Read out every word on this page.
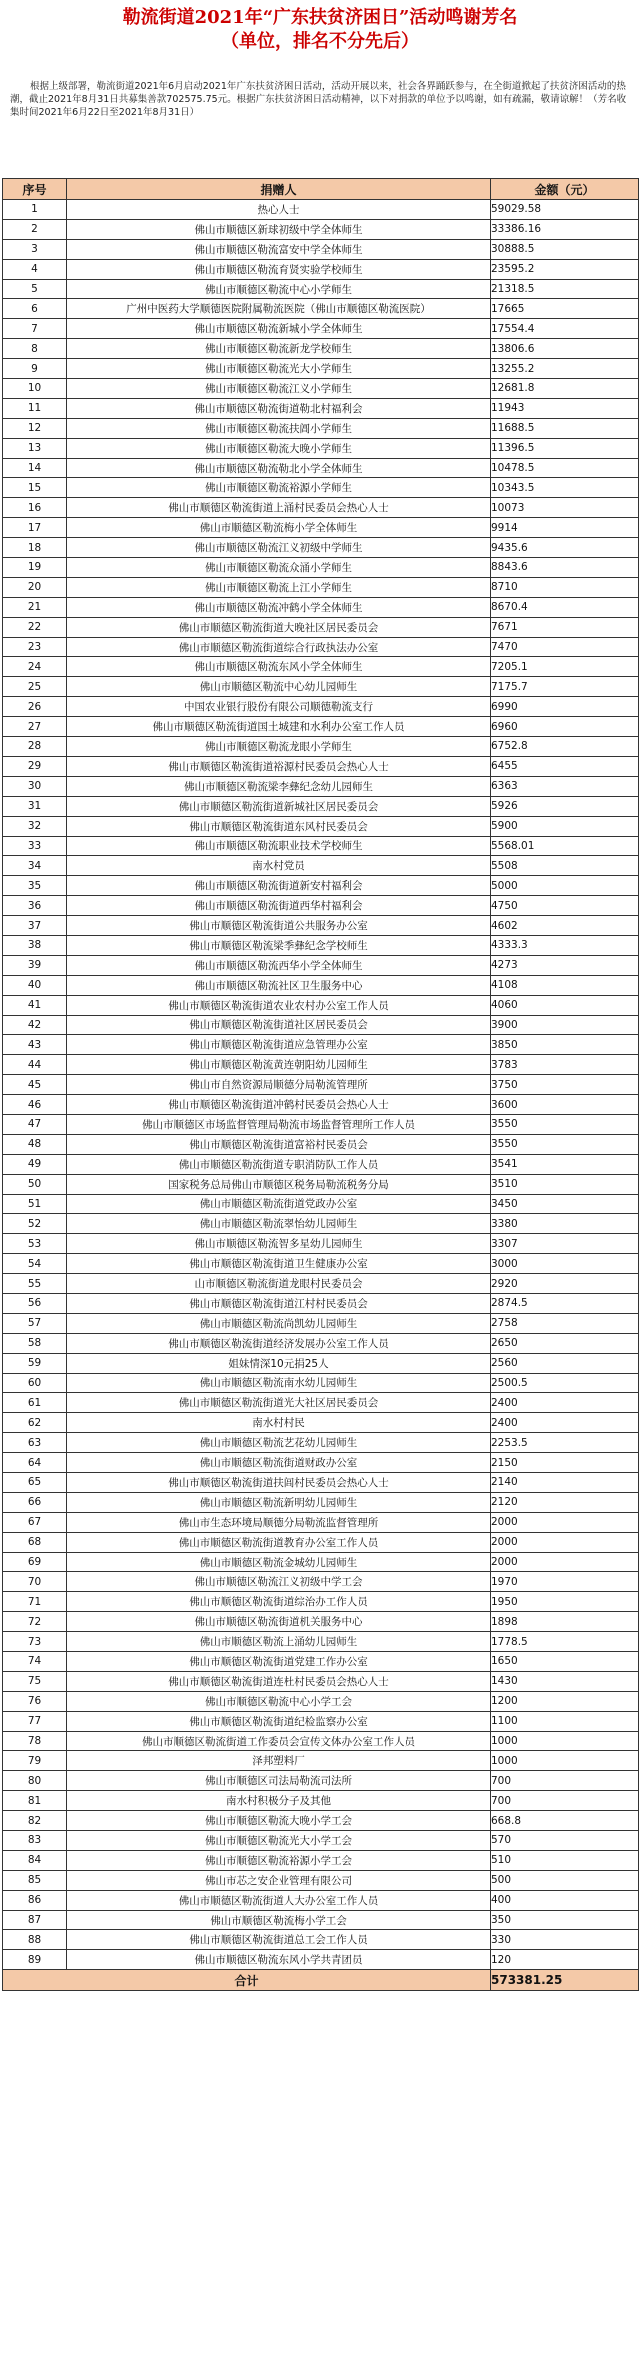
勒流街道2021年“广东扶贫济困日”活动鸣谢芳名
（单位，排名不分先后）
根据上级部署，勒流街道2021年6月启动2021年广东扶贫济困日活动，活动开展以来，社会各界踊跃参与，在全街道掀起了扶贫济困活动的热潮，截止2021年8月31日共募集善款702575.75元。根据广东扶贫济困日活动精神，以下对捐款的单位予以鸣谢，如有疏漏，敬请谅解！（芳名收集时间2021年6月22日至2021年8月31日）
序号	捐赠人	金额（元）
1	热心人士	59029.58
2	佛山市顺德区新球初级中学全体师生	33386.16
3	佛山市顺德区勒流富安中学全体师生	30888.5
4	佛山市顺德区勒流育贤实验学校师生	23595.2
5	佛山市顺德区勒流中心小学师生	21318.5
6	广州中医药大学顺德医院附属勒流医院（佛山市顺德区勒流医院）	17665
7	佛山市顺德区勒流新城小学全体师生	17554.4
8	佛山市顺德区勒流新龙学校师生	13806.6
9	佛山市顺德区勒流光大小学师生	13255.2
10	佛山市顺德区勒流江义小学师生	12681.8
11	佛山市顺德区勒流街道勒北村福利会	11943
12	佛山市顺德区勒流扶阊小学师生	11688.5
13	佛山市顺德区勒流大晚小学师生	11396.5
14	佛山市顺德区勒流勒北小学全体师生	10478.5
15	佛山市顺德区勒流裕源小学师生	10343.5
16	佛山市顺德区勒流街道上涌村民委员会热心人士	10073
17	佛山市顺德区勒流梅小学全体师生	9914
18	佛山市顺德区勒流江义初级中学师生	9435.6
19	佛山市顺德区勒流众涌小学师生	8843.6
20	佛山市顺德区勒流上江小学师生	8710
21	佛山市顺德区勒流冲鹤小学全体师生	8670.4
22	佛山市顺德区勒流街道大晚社区居民委员会	7671
23	佛山市顺德区勒流街道综合行政执法办公室	7470
24	佛山市顺德区勒流东风小学全体师生	7205.1
25	佛山市顺德区勒流中心幼儿园师生	7175.7
26	中国农业银行股份有限公司顺德勒流支行	6990
27	佛山市顺德区勒流街道国土城建和水利办公室工作人员	6960
28	佛山市顺德区勒流龙眼小学师生	6752.8
29	佛山市顺德区勒流街道裕源村民委员会热心人士	6455
30	佛山市顺德区勒流梁李彝纪念幼儿园师生	6363
31	佛山市顺德区勒流街道新城社区居民委员会	5926
32	佛山市顺德区勒流街道东风村民委员会	5900
33	佛山市顺德区勒流职业技术学校师生	5568.01
34	南水村党员	5508
35	佛山市顺德区勒流街道新安村福利会	5000
36	佛山市顺德区勒流街道西华村福利会	4750
37	佛山市顺德区勒流街道公共服务办公室	4602
38	佛山市顺德区勒流梁季彝纪念学校师生	4333.3
39	佛山市顺德区勒流西华小学全体师生	4273
40	佛山市顺德区勒流社区卫生服务中心	4108
41	佛山市顺德区勒流街道农业农村办公室工作人员	4060
42	佛山市顺德区勒流街道社区居民委员会	3900
43	佛山市顺德区勒流街道应急管理办公室	3850
44	佛山市顺德区勒流黄连朝阳幼儿园师生	3783
45	佛山市自然资源局顺德分局勒流管理所	3750
46	佛山市顺德区勒流街道冲鹤村民委员会热心人士	3600
47	佛山市顺德区市场监督管理局勒流市场监督管理所工作人员	3550
48	佛山市顺德区勒流街道富裕村民委员会	3550
49	佛山市顺德区勒流街道专职消防队工作人员	3541
50	国家税务总局佛山市顺德区税务局勒流税务分局	3510
51	佛山市顺德区勒流街道党政办公室	3450
52	佛山市顺德区勒流翠怡幼儿园师生	3380
53	佛山市顺德区勒流智多星幼儿园师生	3307
54	佛山市顺德区勒流街道卫生健康办公室	3000
55	山市顺德区勒流街道龙眼村民委员会	2920
56	佛山市顺德区勒流街道江村村民委员会	2874.5
57	佛山市顺德区勒流尚凯幼儿园师生	2758
58	佛山市顺德区勒流街道经济发展办公室工作人员	2650
59	姐妹情深10元捐25人	2560
60	佛山市顺德区勒流南水幼儿园师生	2500.5
61	佛山市顺德区勒流街道光大社区居民委员会	2400
62	南水村村民	2400
63	佛山市顺德区勒流艺花幼儿园师生	2253.5
64	佛山市顺德区勒流街道财政办公室	2150
65	佛山市顺德区勒流街道扶闾村民委员会热心人士	2140
66	佛山市顺德区勒流新明幼儿园师生	2120
67	佛山市生态环境局顺德分局勒流监督管理所	2000
68	佛山市顺德区勒流街道教育办公室工作人员	2000
69	佛山市顺德区勒流金城幼儿园师生	2000
70	佛山市顺德区勒流江义初级中学工会	1970
71	佛山市顺德区勒流街道综治办工作人员	1950
72	佛山市顺德区勒流街道机关服务中心	1898
73	佛山市顺德区勒流上涌幼儿园师生	1778.5
74	佛山市顺德区勒流街道党建工作办公室	1650
75	佛山市顺德区勒流街道连杜村民委员会热心人士	1430
76	佛山市顺德区勒流中心小学工会	1200
77	佛山市顺德区勒流街道纪检监察办公室	1100
78	佛山市顺德区勒流街道工作委员会宣传文体办公室工作人员	1000
79	泽邦塑料厂	1000
80	佛山市顺德区司法局勒流司法所	700
81	南水村积极分子及其他	700
82	佛山市顺德区勒流大晚小学工会	668.8
83	佛山市顺德区勒流光大小学工会	570
84	佛山市顺德区勒流裕源小学工会	510
85	佛山市芯之安企业管理有限公司	500
86	佛山市顺德区勒流街道人大办公室工作人员	400
87	佛山市顺德区勒流梅小学工会	350
88	佛山市顺德区勒流街道总工会工作人员	330
89	佛山市顺德区勒流东风小学共青团员	120
合计		573381.25
